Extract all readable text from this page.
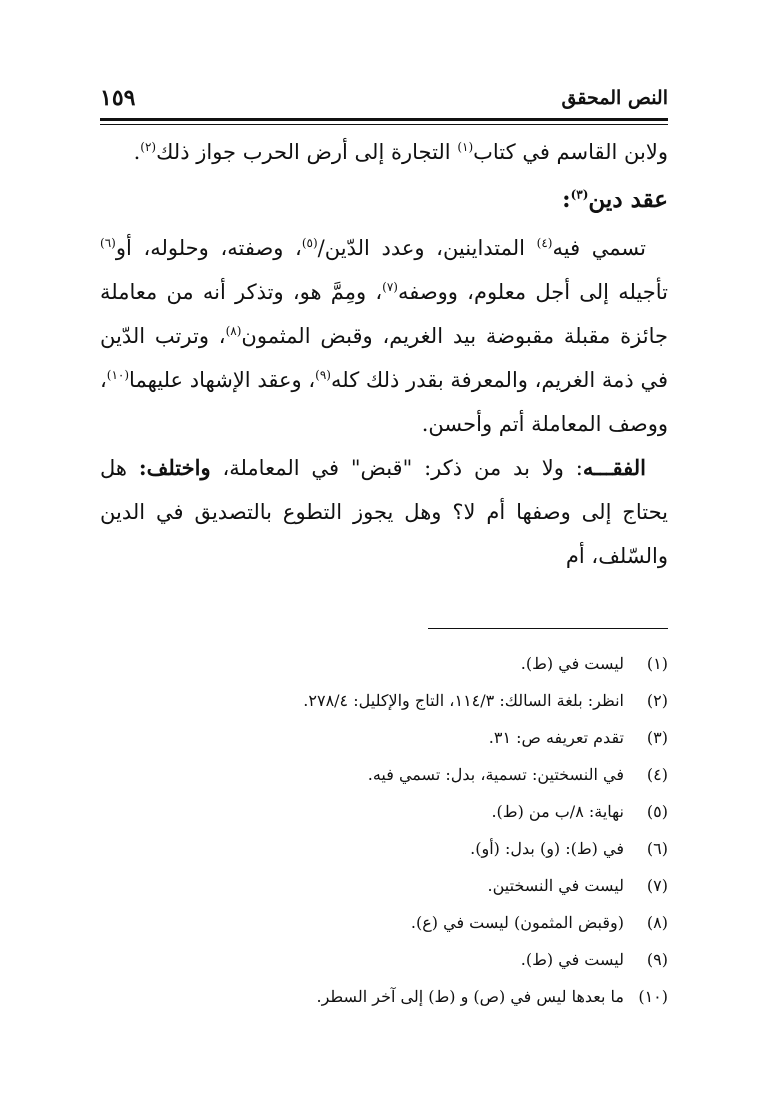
النص المحقق
١٥٩

ولابن القاسم في كتاب$^{(١)}$ التجارة إلى أرض الحرب جواز ذلك$^{(٢)}$.

عقد دين$^{(٣)}$:

تسمي فيه$^{(٤)}$ المتداينين، وعدد الدّين/$^{(٥)}$، وصفته، وحلوله، أو$^{(٦)}$ تأجيله إلى أجل معلوم، ووصفه$^{(٧)}$، ومِمَّ هو، وتذكر أنه من معاملة جائزة مقبلة مقبوضة بيد الغريم، وقبض المثمون$^{(٨)}$، وترتب الدّين في ذمة الغريم، والمعرفة بقدر ذلك كله$^{(٩)}$، وعقد الإشهاد عليهما$^{(١٠)}$، ووصف المعاملة أتم وأحسن.

الفقـــه: ولا بد من ذكر: "قبض" في المعاملة، واختلف: هل يحتاج إلى وصفها أم لا؟ وهل يجوز التطوع بالتصديق في الدين والسّلف، أم

(١)
ليست في (ط).
(٢)
انظر: بلغة السالك: ١١٤/٣، التاج والإكليل: ٢٧٨/٤.
(٣)
تقدم تعريفه ص: ٣١.
(٤)
في النسختين: تسمية، بدل: تسمي فيه.
(٥)
نهاية: ٨/ب من (ط).
(٦)
في (ط): (و) بدل: (أو).
(٧)
ليست في النسختين.
(٨)
(وقبض المثمون) ليست في (ع).
(٩)
ليست في (ط).
(١٠)
ما بعدها ليس في (ص) و (ط) إلى آخر السطر.
